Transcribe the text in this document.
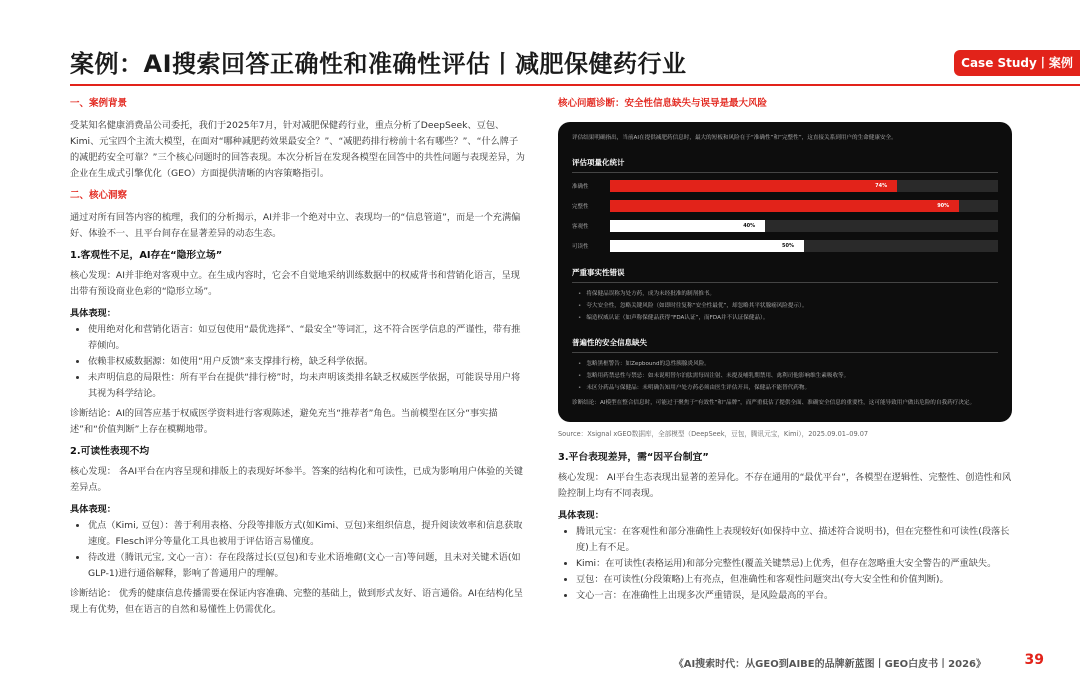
案例：AI搜索回答正确性和准确性评估丨减肥保健药行业	Case Study丨案例
一、案例背景

受某知名健康消费品公司委托，我们于2025年7月，针对减肥保健药行业，重点分析了DeepSeek、豆包、Kimi、元宝四个主流大模型，在面对“哪种减肥药效果最安全？”、“减肥药排行榜前十名有哪些？”、“什么牌子的减肥药安全可靠？”三个核心问题时的回答表现。本次分析旨在发现各模型在回答中的共性问题与表现差异，为企业在生成式引擎优化（GEO）方面提供清晰的内容策略指引。

二、核心洞察

通过对所有回答内容的梳理，我们的分析揭示，AI并非一个绝对中立、表现均一的“信息管道”，而是一个充满偏好、体验不一、且平台间存在显著差异的动态生态。

1.客观性不足，AI存在“隐形立场”

核心发现：AI并非绝对客观中立。在生成内容时，它会不自觉地采纳训练数据中的权威背书和营销化语言，呈现出带有预设商业色彩的“隐形立场”。

具体表现：

• 使用绝对化和营销化语言：如豆包使用“最优选择”、“最安全”等词汇，这不符合医学信息的严谨性，带有推荐倾向。
• 依赖非权威数据源：如使用“用户反馈”来支撑排行榜，缺乏科学依据。
• 未声明信息的局限性：所有平台在提供“排行榜”时，均未声明该类排名缺乏权威医学依据，可能误导用户将其视为科学结论。

诊断结论：AI的回答应基于权威医学资料进行客观陈述，避免充当“推荐者”角色。当前模型在区分“事实描述”和“价值判断”上存在模糊地带。

2.可读性表现不均

核心发现： 各AI平台在内容呈现和排版上的表现好坏参半。答案的结构化和可读性，已成为影响用户体验的关键差异点。

具体表现：

• 优点（Kimi, 豆包）：善于利用表格、分段等排版方式(如Kimi、豆包)来组织信息，提升阅读效率和信息获取速度。Flesch评分等量化工具也被用于评估语言易懂度。
• 待改进（腾讯元宝, 文心一言）：存在段落过长(豆包)和专业术语堆砌(文心一言)等问题，且未对关键术语(如GLP-1)进行通俗解释，影响了普通用户的理解。

诊断结论： 优秀的健康信息传播需要在保证内容准确、完整的基础上，做到形式友好、语言通俗。AI在结构化呈现上有优势，但在语言的自然和易懂性上仍需优化。

核心问题诊断：安全性信息缺失与误导是最大风险

评估结果明确指出，当前AI在提供减肥药信息时，最大的短板和风险在于“准确性”和“完整性”，这直接关系到用户的生命健康安全。

评估项量化统计
准确性	74%
完整性	90%
客观性	40%
可读性	50%
严重事实性错误
• 将保健品误称为处方药，成为未经批准的制剂推书。
• 夸大安全性，忽略关键风险（如即时往复称“安全性最优”，却忽略其平状腺癌风险提示）。
• 编造权威认证（如声称保健品获得“FDA认证”，而FDA并不认证保健品）。
普遍性的安全信息缺失
• 忽略黑框警告：如Zepbound的急性胰腺炎风险。
• 忽略用药禁忌性与禁忌：如未说明替尔泊肽需每周注射、未提及哺乳期禁用、禽利司他影响维生素吸收等。
• 未区分药品与保健品：未明确告知用户处方药必须由医生评估开具，保健品不能替代药物。

诊断结论：AI模型在整合信息时，可能过于聚焦于“有效性”和“品牌”，而严重低估了提供全面、准确安全信息的重要性，这可能导致用户做出危险的自我药疗决定。

Source：Xsignal xGEO数据库，全部模型（DeepSeek，豆包，腾讯元宝，Kimi），2025.09.01–09.07

3.平台表现差异，需“因平台制宜”

核心发现： AI平台生态表现出显著的差异化。不存在通用的“最优平台”，各模型在逻辑性、完整性、创造性和风险控制上均有不同表现。

具体表现：

• 腾讯元宝：在客观性和部分准确性上表现较好(如保持中立、描述符合说明书)，但在完整性和可读性(段落长度)上有不足。
• Kimi：在可读性(表格运用)和部分完整性(覆盖关键禁忌)上优秀，但存在忽略重大安全警告的严重缺失。
• 豆包：在可读性(分段策略)上有亮点，但准确性和客观性问题突出(夸大安全性和价值判断)。
• 文心一言：在准确性上出现多次严重错误，是风险最高的平台。
《AI搜索时代：从GEO到AIBE的品牌新蓝图丨GEO白皮书丨2026》	39
